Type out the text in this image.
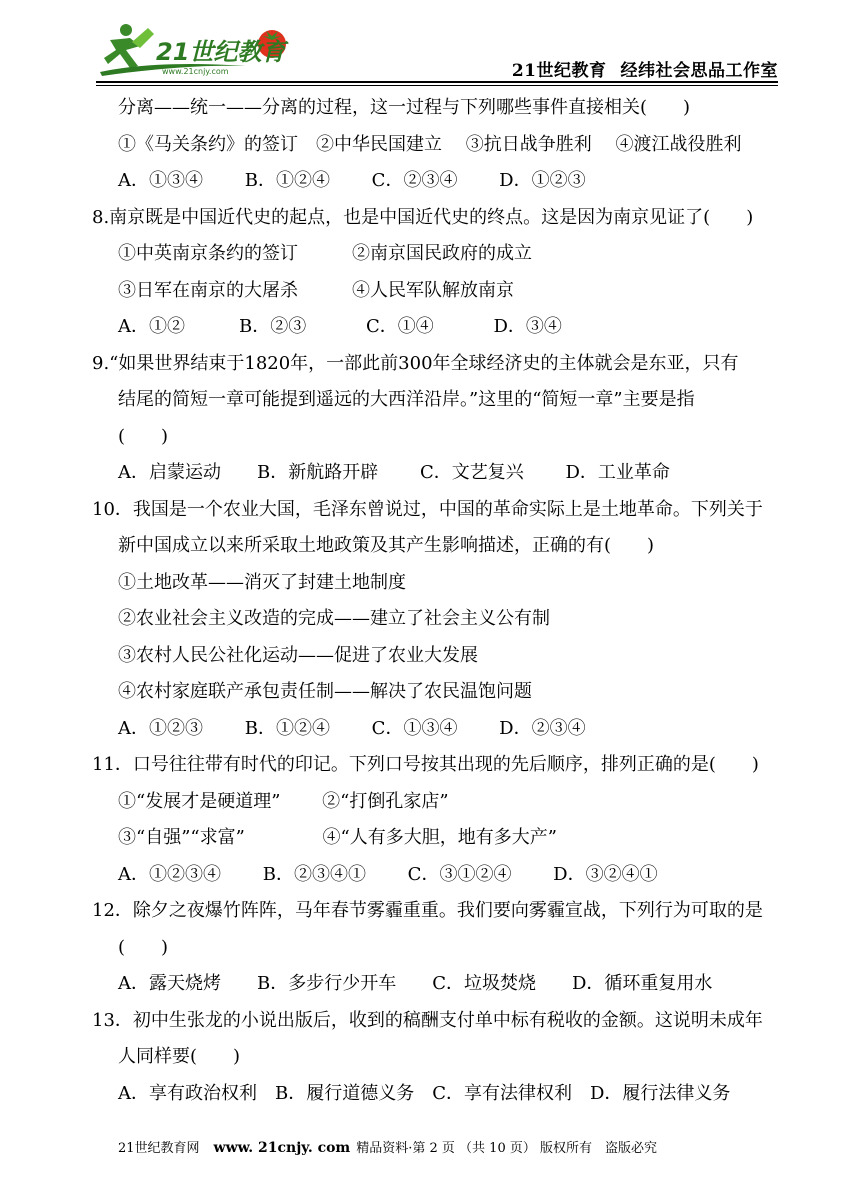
21世纪教育
www.21cnjy.com	21世纪教育 经纬社会思品工作室
分离——统一——分离的过程，这一过程与下列哪些事件直接相关(　　)
①《马关条约》的签订　②中华民国建立　 ③抗日战争胜利　 ④渡江战役胜利
A．①③④　　 B．①②④　　 C．②③④　　 D．①②③
8.南京既是中国近代史的起点，也是中国近代史的终点。这是因为南京见证了(　　)
①中英南京条约的签订　　　②南京国民政府的成立
③日军在南京的大屠杀　　　④人民军队解放南京
A．①②　　　B．②③　　　 C．①④　　　 D．③④
9.“如果世界结束于1820年，一部此前300年全球经济史的主体就会是东亚，只有
结尾的简短一章可能提到遥远的大西洋沿岸。”这里的“简短一章”主要是指
(　　)
A．启蒙运动　　B．新航路开辟　　 C．文艺复兴　　 D．工业革命
10．我国是一个农业大国，毛泽东曾说过，中国的革命实际上是土地革命。下列关于
新中国成立以来所采取土地政策及其产生影响描述，正确的有(　　)
①土地改革——消灭了封建土地制度
②农业社会主义改造的完成——建立了社会主义公有制
③农村人民公社化运动——促进了农业大发展
④农村家庭联产承包责任制——解决了农民温饱问题
A．①②③　　 B．①②④　　 C．①③④　　 D．②③④
11．口号往往带有时代的印记。下列口号按其出现的先后顺序，排列正确的是(　　)
①“发展才是硬道理”　　 ②“打倒孔家店”
③“自强”“求富”　　　　 ④“人有多大胆，地有多大产”
A．①②③④　　 B．②③④①　　 C．③①②④　　 D．③②④①
12．除夕之夜爆竹阵阵，马年春节雾霾重重。我们要向雾霾宣战，下列行为可取的是
(　　)
A．露天烧烤　　B．多步行少开车　　C．垃圾焚烧　　D．循环重复用水
13．初中生张龙的小说出版后，收到的稿酬支付单中标有税收的金额。这说明未成年
人同样要(　　)
A．享有政治权利　B．履行道德义务　C．享有法律权利　D．履行法律义务
21世纪教育网 www. 21cnjy. com 精品资料·第 2 页 （共 10 页） 版权所有　盗版必究
